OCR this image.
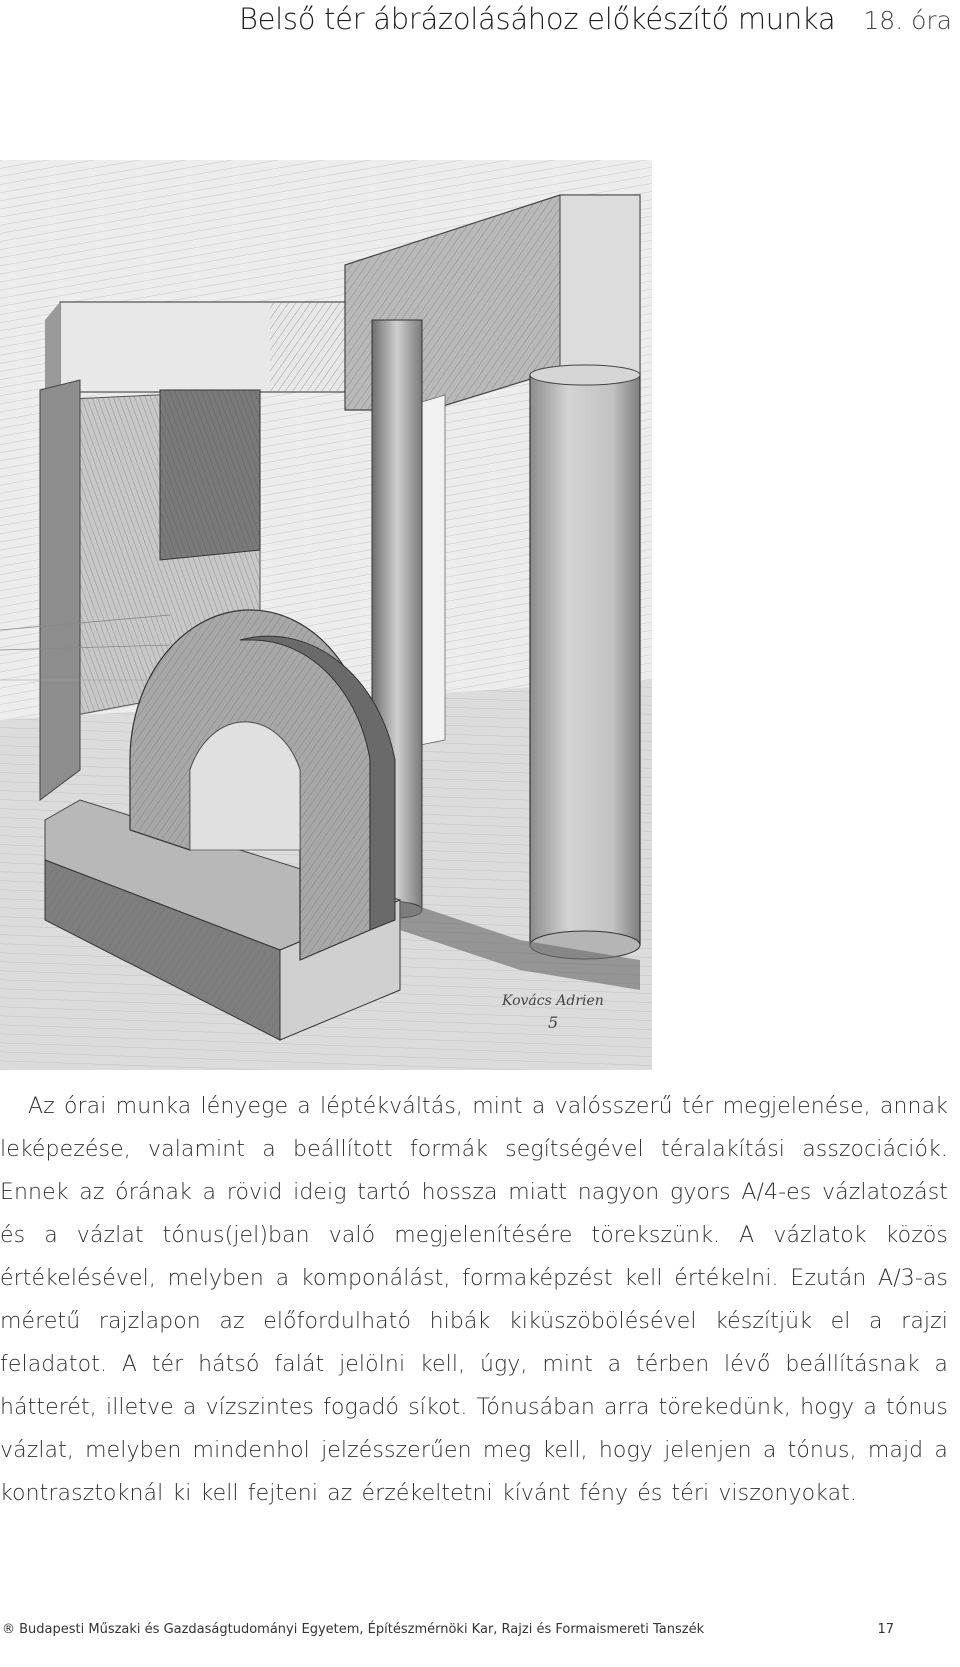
Belső tér ábrázolásához előkészítő munka 18. óra
Kovács Adrien
5

Az órai munka lényege a léptékváltás, mint a valósszerű tér megjelenése, annak leképezése, valamint a beállított formák segítségével téralakítási asszociációk. Ennek az órának a rövid ideig tartó hossza miatt nagyon gyors A/4-es vázlatozást és a vázlat tónus(jel)ban való megjelenítésére törekszünk. A vázlatok közös értékelésével, melyben a komponálást, formaképzést kell értékelni. Ezután A/3-as méretű rajzlapon az előfordulható hibák kiküszöbölésével készítjük el a rajzi feladatot. A tér hátsó falát jelölni kell, úgy, mint a térben lévő beállításnak a hátterét, illetve a vízszintes fogadó síkot. Tónusában arra törekedünk, hogy a tónus vázlat, melyben mindenhol jelzésszerűen meg kell, hogy jelenjen a tónus, majd a kontrasztoknál ki kell fejteni az érzékeltetni kívánt fény és téri viszonyokat.

® Budapesti Műszaki és Gazdaságtudományi Egyetem, Építészmérnöki Kar, Rajzi és Formaismereti Tanszék	17
